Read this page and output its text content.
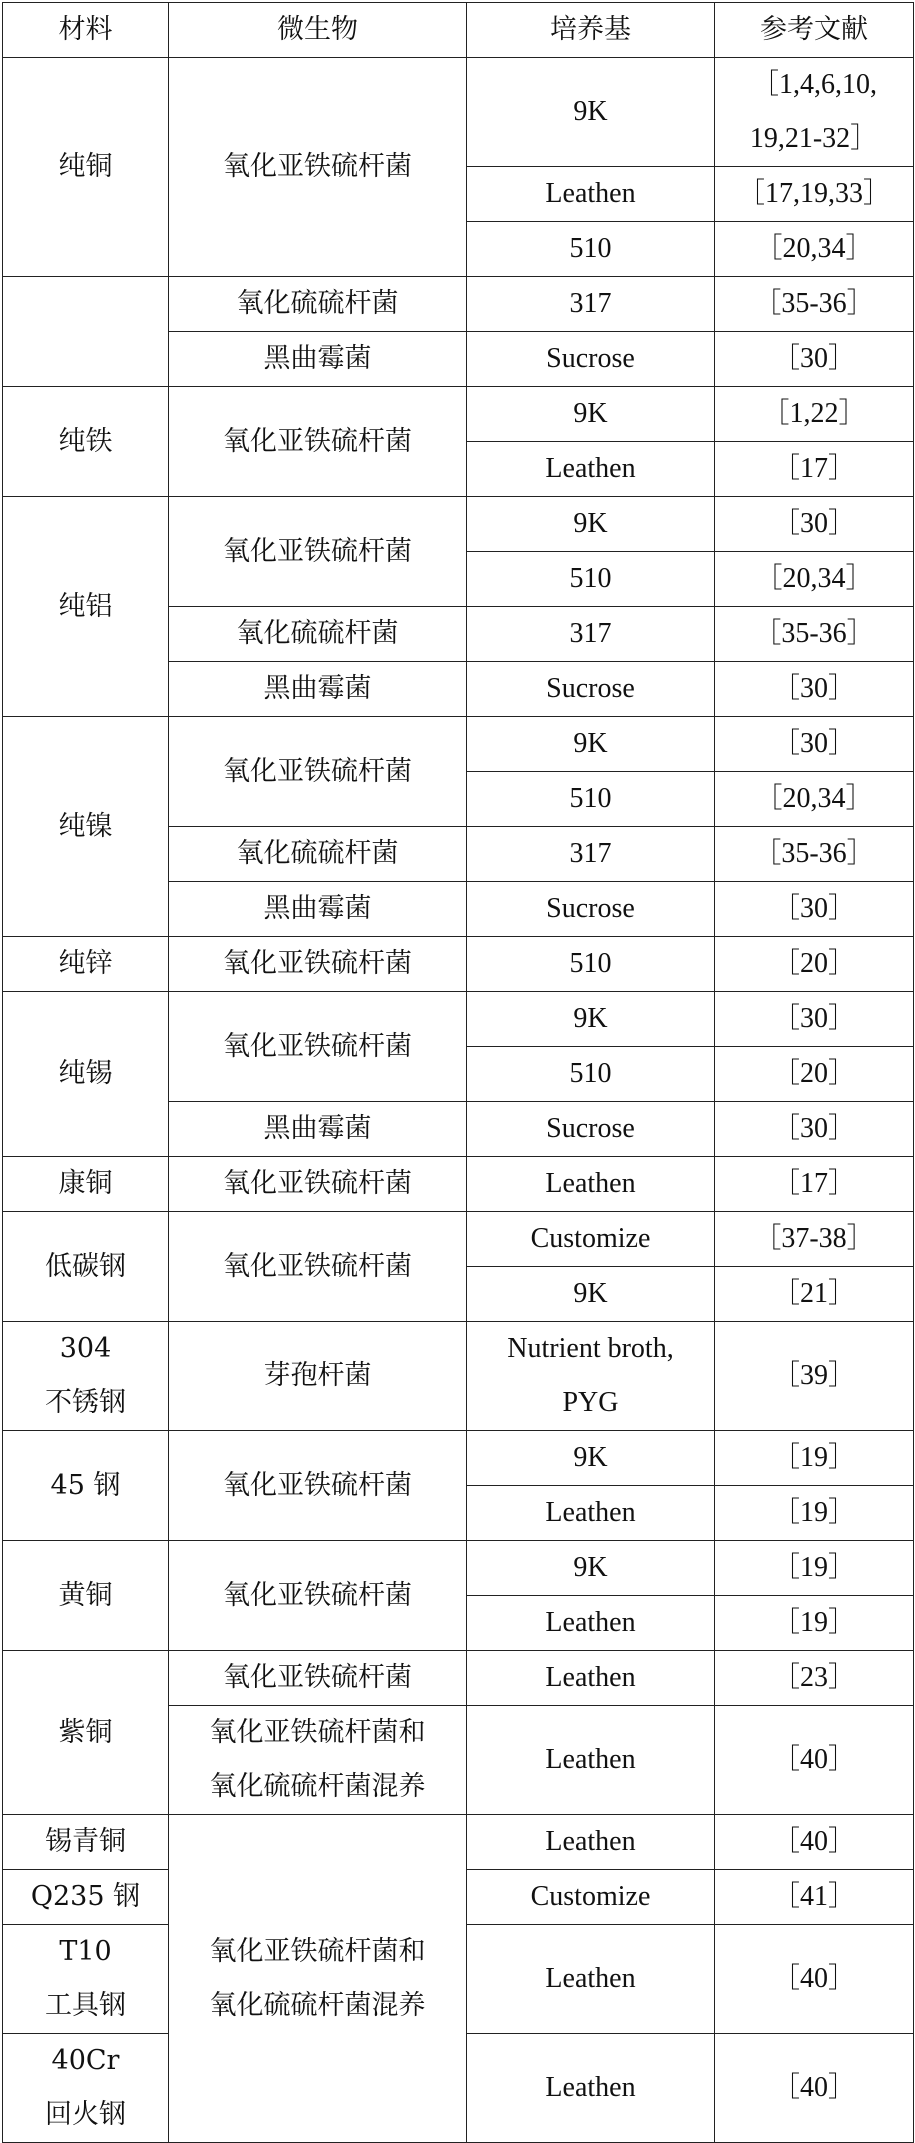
材料	微生物	培养基	参考文献
纯铜	氧化亚铁硫杆菌	9K	［1,4,6,10,
19,21-32］
		Leathen	［17,19,33］
		510	［20,34］
	氧化硫硫杆菌	317	［35-36］
	黑曲霉菌	Sucrose	［30］
纯铁	氧化亚铁硫杆菌	9K	［1,22］
		Leathen	［17］
纯铝	氧化亚铁硫杆菌	9K	［30］
		510	［20,34］
	氧化硫硫杆菌	317	［35-36］
	黑曲霉菌	Sucrose	［30］
纯镍	氧化亚铁硫杆菌	9K	［30］
		510	［20,34］
	氧化硫硫杆菌	317	［35-36］
	黑曲霉菌	Sucrose	［30］
纯锌	氧化亚铁硫杆菌	510	［20］
纯锡	氧化亚铁硫杆菌	9K	［30］
		510	［20］
	黑曲霉菌	Sucrose	［30］
康铜	氧化亚铁硫杆菌	Leathen	［17］
低碳钢	氧化亚铁硫杆菌	Customize	［37-38］
		9K	［21］
304
不锈钢	芽孢杆菌	Nutrient broth,
PYG	［39］
45 钢	氧化亚铁硫杆菌	9K	［19］
		Leathen	［19］
黄铜	氧化亚铁硫杆菌	9K	［19］
		Leathen	［19］
紫铜	氧化亚铁硫杆菌	Leathen	［23］
	氧化亚铁硫杆菌和
氧化硫硫杆菌混养	Leathen	［40］
锡青铜	氧化亚铁硫杆菌和
氧化硫硫杆菌混养	Leathen	［40］
Q235 钢		Customize	［41］
T10
工具钢		Leathen	［40］
40Cr
回火钢		Leathen	［40］
